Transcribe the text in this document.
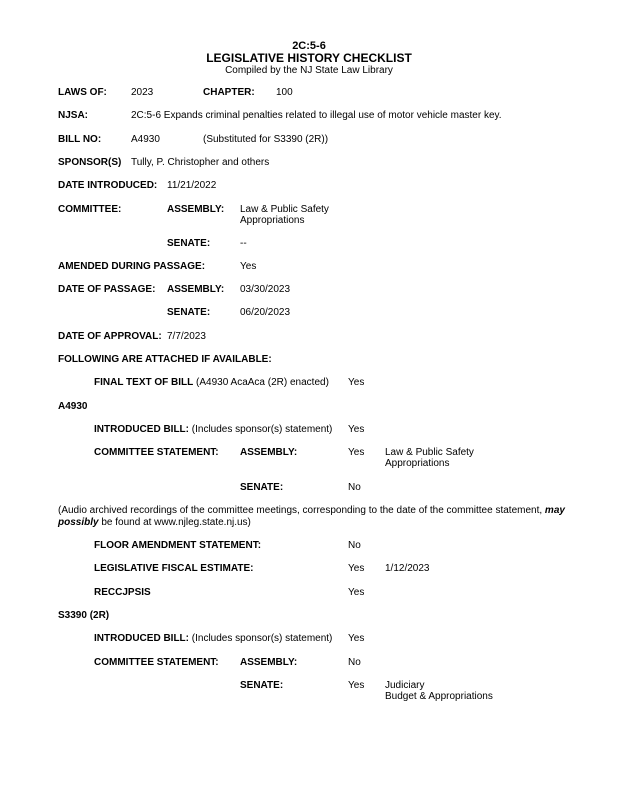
2C:5-6
LEGISLATIVE HISTORY CHECKLIST
Compiled by the NJ State Law Library
LAWS OF: 2023	CHAPTER: 100
NJSA:	2C:5-6 Expands criminal penalties related to illegal use of motor vehicle master key.
BILL NO:	A4930	(Substituted for S3390 (2R))
SPONSOR(S) Tully, P. Christopher and others
DATE INTRODUCED: 11/21/2022
COMMITTEE:	ASSEMBLY: Law & Public Safety
Appropriations
SENATE:	--
AMENDED DURING PASSAGE:	Yes
DATE OF PASSAGE: ASSEMBLY: 03/30/2023
SENATE:	06/20/2023
DATE OF APPROVAL: 7/7/2023
FOLLOWING ARE ATTACHED IF AVAILABLE:
FINAL TEXT OF BILL (A4930 AcaAca (2R) enacted) Yes
A4930
INTRODUCED BILL: (Includes sponsor(s) statement) Yes
COMMITTEE STATEMENT: ASSEMBLY:	Yes Law & Public Safety
Appropriations
SENATE:	No
(Audio archived recordings of the committee meetings, corresponding to the date of the committee statement, may possibly be found at www.njleg.state.nj.us)
FLOOR AMENDMENT STATEMENT:	No
LEGISLATIVE FISCAL ESTIMATE:	Yes 1/12/2023
RECCJPSIS	Yes
S3390 (2R)
INTRODUCED BILL: (Includes sponsor(s) statement) Yes
COMMITTEE STATEMENT: ASSEMBLY:	No
SENATE:	Yes Judiciary
Budget & Appropriations
